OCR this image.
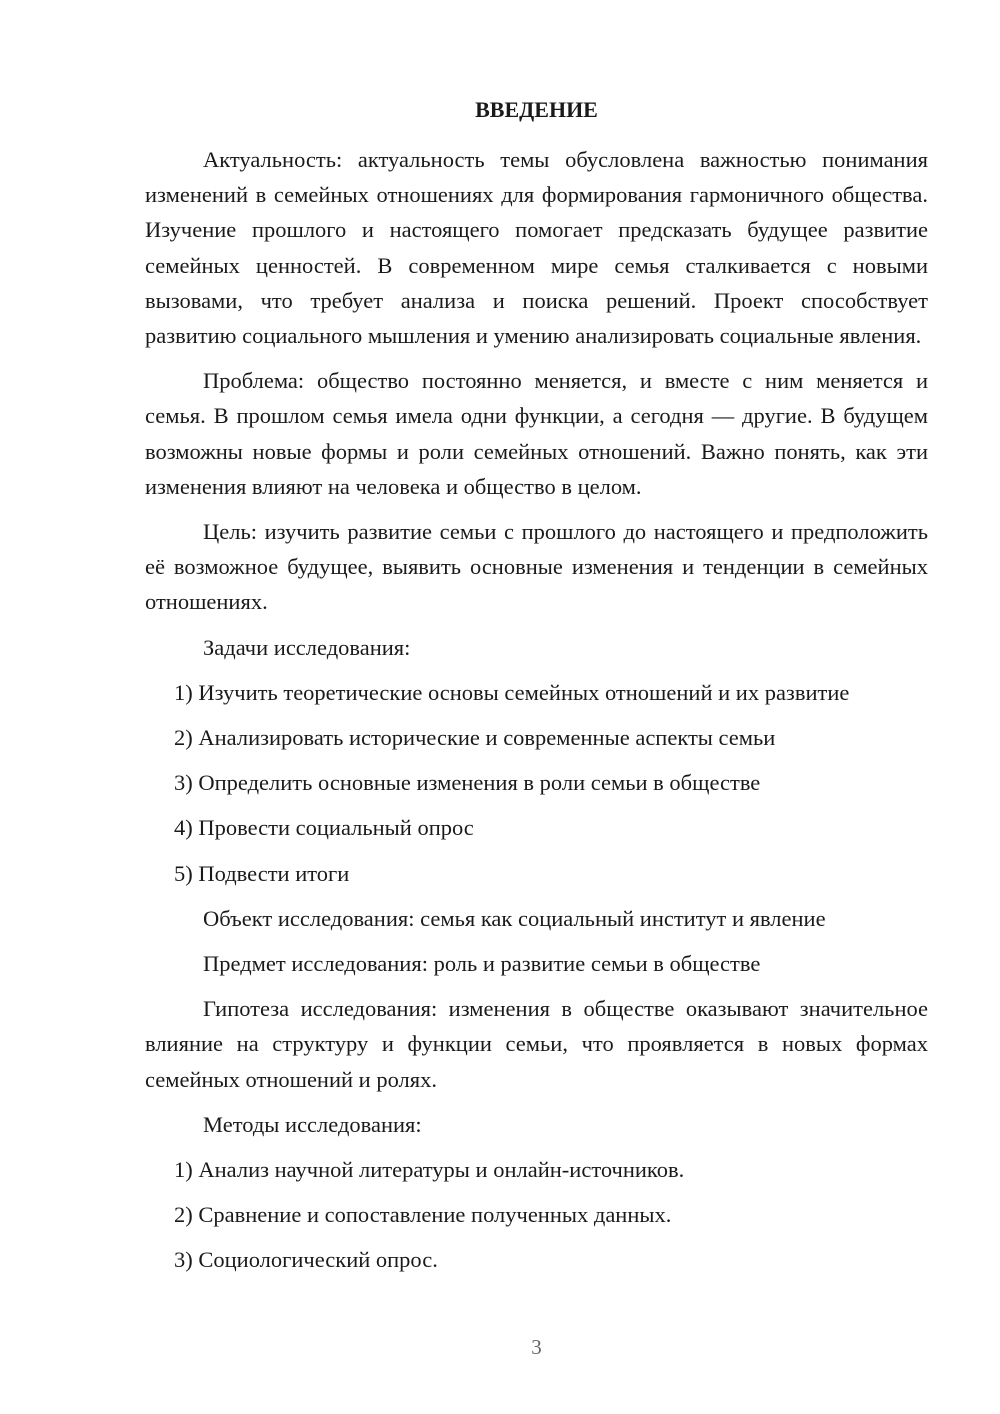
ВВЕДЕНИЕ

Актуальность: актуальность темы обусловлена важностью понимания изменений в семейных отношениях для формирования гармоничного общества. Изучение прошлого и настоящего помогает предсказать будущее развитие семейных ценностей. В современном мире семья сталкивается с новыми вызовами, что требует анализа и поиска решений. Проект способствует развитию социального мышления и умению анализировать социальные явления.

Проблема: общество постоянно меняется, и вместе с ним меняется и семья. В прошлом семья имела одни функции, а сегодня — другие. В будущем возможны новые формы и роли семейных отношений. Важно понять, как эти изменения влияют на человека и общество в целом.

Цель: изучить развитие семьи с прошлого до настоящего и предположить её возможное будущее, выявить основные изменения и тенденции в семейных отношениях.

Задачи исследования:

1) Изучить теоретические основы семейных отношений и их развитие

2) Анализировать исторические и современные аспекты семьи

3) Определить основные изменения в роли семьи в обществе

4) Провести социальный опрос

5) Подвести итоги

Объект исследования: семья как социальный институт и явление

Предмет исследования: роль и развитие семьи в обществе

Гипотеза исследования: изменения в обществе оказывают значительное влияние на структуру и функции семьи, что проявляется в новых формах семейных отношений и ролях.

Методы исследования:

1) Анализ научной литературы и онлайн-источников.

2) Сравнение и сопоставление полученных данных.

3) Социологический опрос.

3
